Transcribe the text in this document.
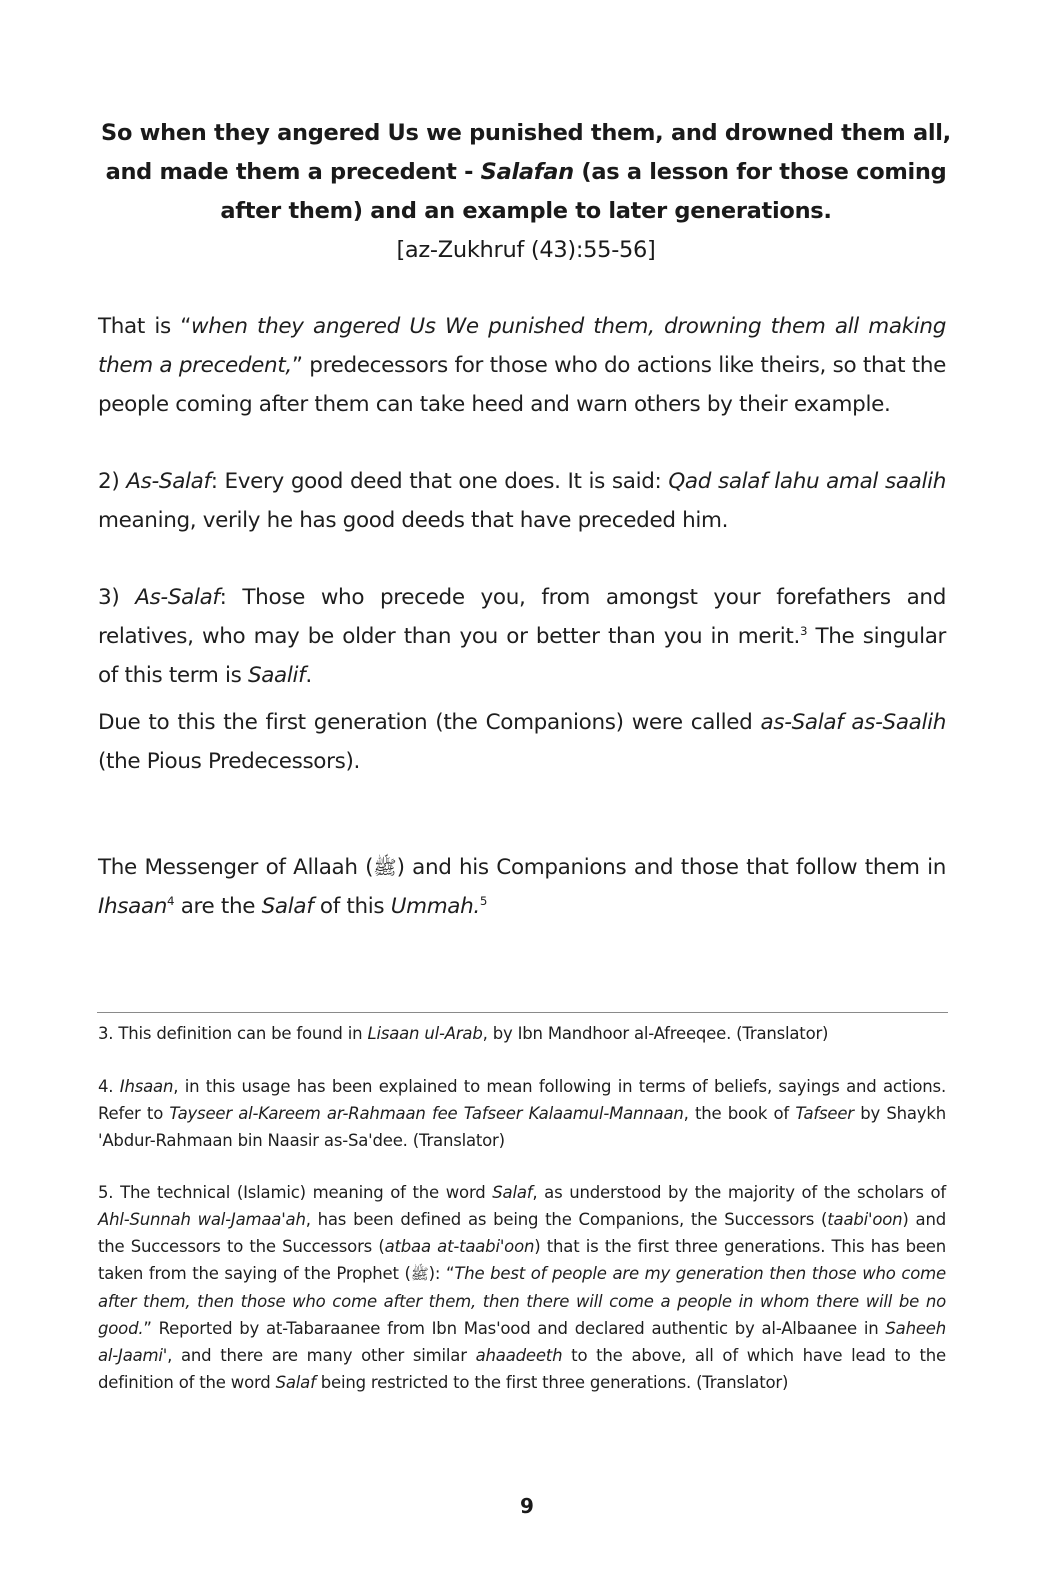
So when they angered Us we punished them, and drowned them all, and made them a precedent - Salafan (as a lesson for those coming after them) and an example to later generations.
[az-Zukhruf (43):55-56]

That is “when they angered Us We punished them, drowning them all making them a precedent,” predecessors for those who do actions like theirs, so that the people coming after them can take heed and warn others by their example.

2) As-Salaf: Every good deed that one does. It is said: Qad salaf lahu amal saalih meaning, verily he has good deeds that have preceded him.

3) As-Salaf: Those who precede you, from amongst your forefathers and relatives, who may be older than you or better than you in merit.$^3$ The singular of this term is Saalif.

Due to this the first generation (the Companions) were called as-Salaf as-Saalih (the Pious Predecessors).

The Messenger of Allaah (ﷺ) and his Companions and those that follow them in Ihsaan$^4$ are the Salaf of this Ummah.$^5$

3. This definition can be found in Lisaan ul-Arab, by Ibn Mandhoor al-Afreeqee. (Translator)

4. Ihsaan, in this usage has been explained to mean following in terms of beliefs, sayings and actions. Refer to Tayseer al-Kareem ar-Rahmaan fee Tafseer Kalaamul-Mannaan, the book of Tafseer by Shaykh 'Abdur-Rahmaan bin Naasir as-Sa'dee. (Translator)

5. The technical (Islamic) meaning of the word Salaf, as understood by the majority of the scholars of Ahl-Sunnah wal-Jamaa'ah, has been defined as being the Companions, the Successors (taabi'oon) and the Successors to the Successors (atbaa at-taabi'oon) that is the first three generations. This has been taken from the saying of the Prophet (ﷺ): “The best of people are my generation then those who come after them, then those who come after them, then there will come a people in whom there will be no good.” Reported by at-Tabaraanee from Ibn Mas'ood and declared authentic by al-Albaanee in Saheeh al-Jaami', and there are many other similar ahaadeeth to the above, all of which have lead to the definition of the word Salaf being restricted to the first three generations. (Translator)

9
